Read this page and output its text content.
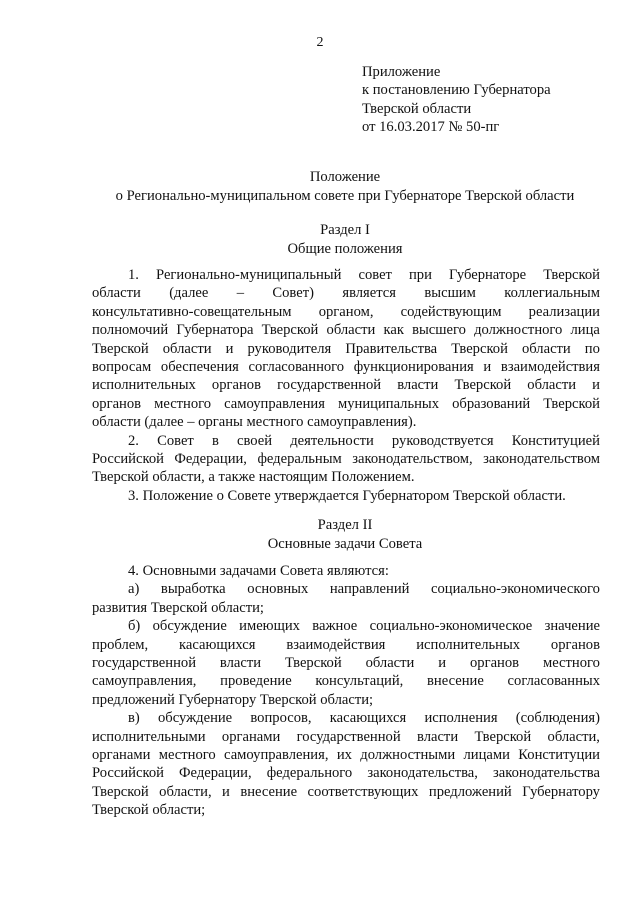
2
Приложение
к постановлению Губернатора
Тверской области
от 16.03.2017 № 50-пг
Положение
о Регионально-муниципальном совете при Губернаторе Тверской области
Раздел I
Общие положения
1. Регионально-муниципальный совет при Губернаторе Тверской
области (далее – Совет) является высшим коллегиальным
консультативно-совещательным органом, содействующим реализации
полномочий Губернатора Тверской области как высшего должностного лица
Тверской области и руководителя Правительства Тверской области по
вопросам обеспечения согласованного функционирования и взаимодействия
исполнительных органов государственной власти Тверской области и
органов местного самоуправления муниципальных образований Тверской
области (далее – органы местного самоуправления).
2. Совет в своей деятельности руководствуется Конституцией
Российской Федерации, федеральным законодательством, законодательством
Тверской области, а также настоящим Положением.
3. Положение о Совете утверждается Губернатором Тверской области.
Раздел II
Основные задачи Совета
4. Основными задачами Совета являются:
а) выработка основных направлений социально-экономического
развития Тверской области;
б) обсуждение имеющих важное социально-экономическое значение
проблем, касающихся взаимодействия исполнительных органов
государственной власти Тверской области и органов местного
самоуправления, проведение консультаций, внесение согласованных
предложений Губернатору Тверской области;
в) обсуждение вопросов, касающихся исполнения (соблюдения)
исполнительными органами государственной власти Тверской области,
органами местного самоуправления, их должностными лицами Конституции
Российской Федерации, федерального законодательства, законодательства
Тверской области, и внесение соответствующих предложений Губернатору
Тверской области;
